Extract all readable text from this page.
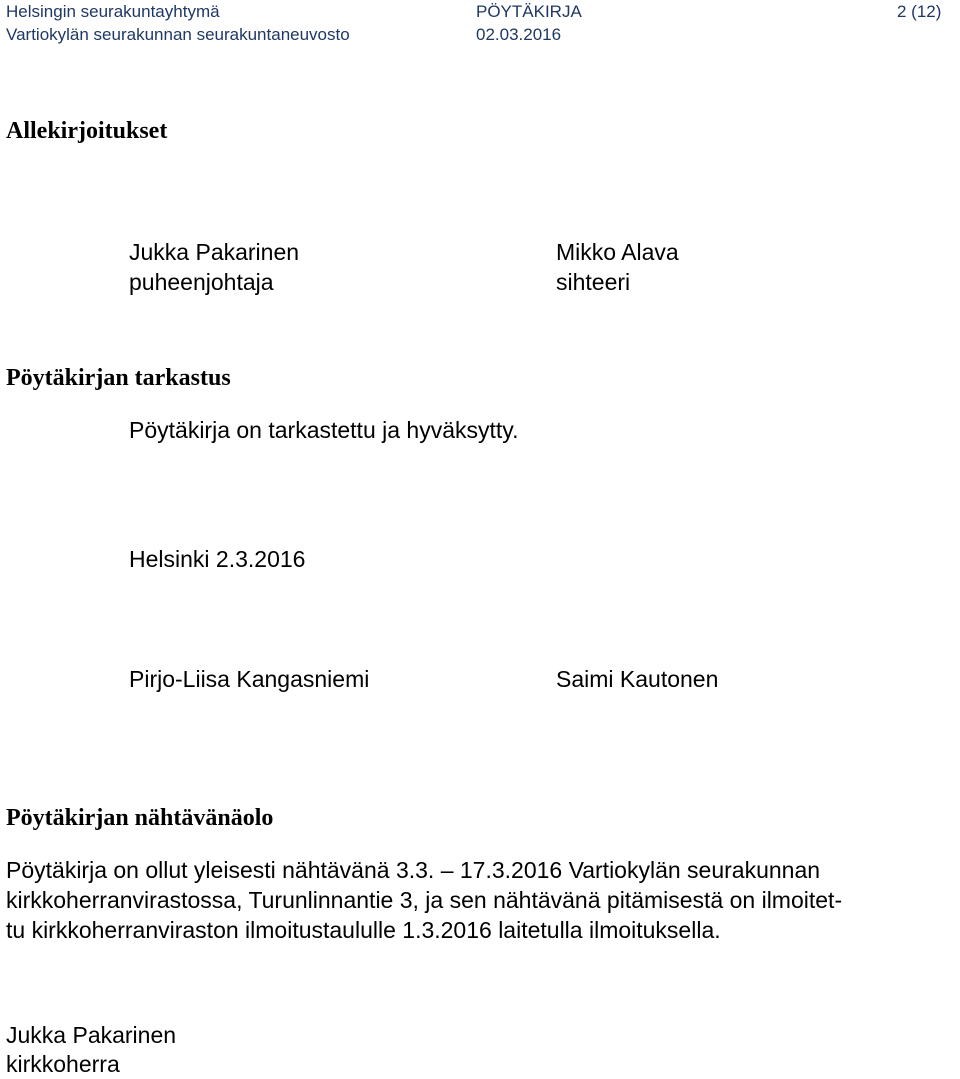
Helsingin seurakuntayhtymä
Vartiokylän seurakunnan seurakuntaneuvosto
PÖYTÄKIRJA
02.03.2016
2 (12)
Allekirjoitukset
Jukka Pakarinen
puheenjohtaja
Mikko Alava
sihteeri
Pöytäkirjan tarkastus
Pöytäkirja on tarkastettu ja hyväksytty.
Helsinki 2.3.2016
Pirjo-Liisa Kangasniemi	Saimi Kautonen
Pöytäkirjan nähtävänäolo
Pöytäkirja on ollut yleisesti nähtävänä 3.3. – 17.3.2016 Vartiokylän seurakunnan
kirkkoherranvirastossa, Turunlinnantie 3, ja sen nähtävänä pitämisestä on ilmoitet-
tu kirkkoherranviraston ilmoitustaululle 1.3.2016 laitetulla ilmoituksella.
Jukka Pakarinen
kirkkoherra
